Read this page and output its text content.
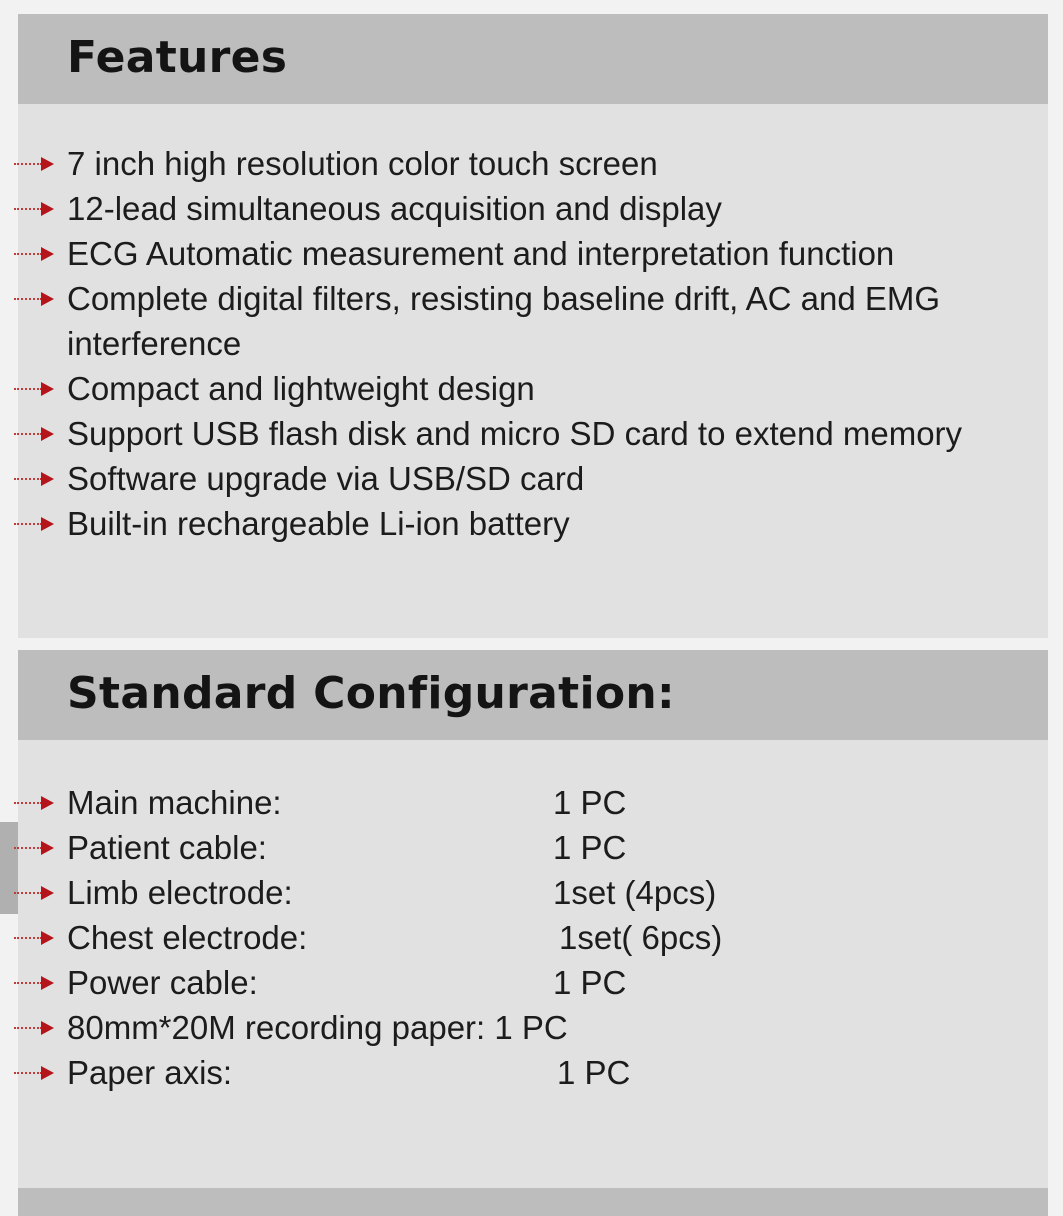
Features
7 inch high resolution color touch screen
12-lead simultaneous acquisition and display
ECG Automatic measurement and interpretation function
Complete digital filters, resisting baseline drift, AC and EMG interference
Compact and lightweight design
Support USB flash disk and micro SD card to extend memory
Software upgrade via USB/SD card
Built-in rechargeable Li-ion battery
Standard Configuration:
Main machine:	1 PC
Patient cable:	1 PC
Limb electrode:	1set (4pcs)
Chest electrode:	1set( 6pcs)
Power cable:	1 PC
80mm*20M recording paper: 1 PC
Paper axis:	1 PC
